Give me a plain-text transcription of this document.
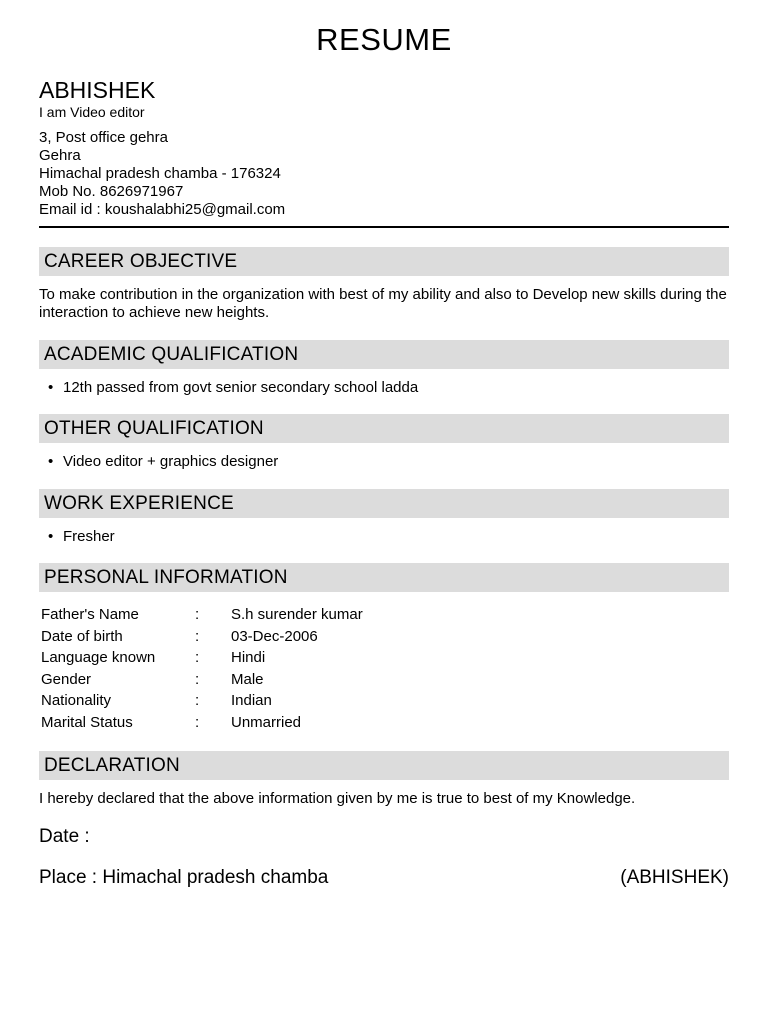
RESUME
ABHISHEK
I am Video editor
3, Post office gehra
Gehra
Himachal pradesh chamba - 176324
Mob No. 8626971967
Email id : koushalabhi25@gmail.com
CAREER OBJECTIVE
To make contribution in the organization with best of my ability and also to Develop new skills during the interaction to achieve new heights.
ACADEMIC QUALIFICATION
• 12th passed from govt senior secondary school ladda
OTHER QUALIFICATION
• Video editor + graphics designer
WORK EXPERIENCE
• Fresher
PERSONAL INFORMATION
Father's Name	:	S.h surender kumar
Date of birth	:	03-Dec-2006
Language known	:	Hindi
Gender	:	Male
Nationality	:	Indian
Marital Status	:	Unmarried
DECLARATION
I hereby declared that the above information given by me is true to best of my Knowledge.
Date :
Place : Himachal pradesh chamba	(ABHISHEK)
